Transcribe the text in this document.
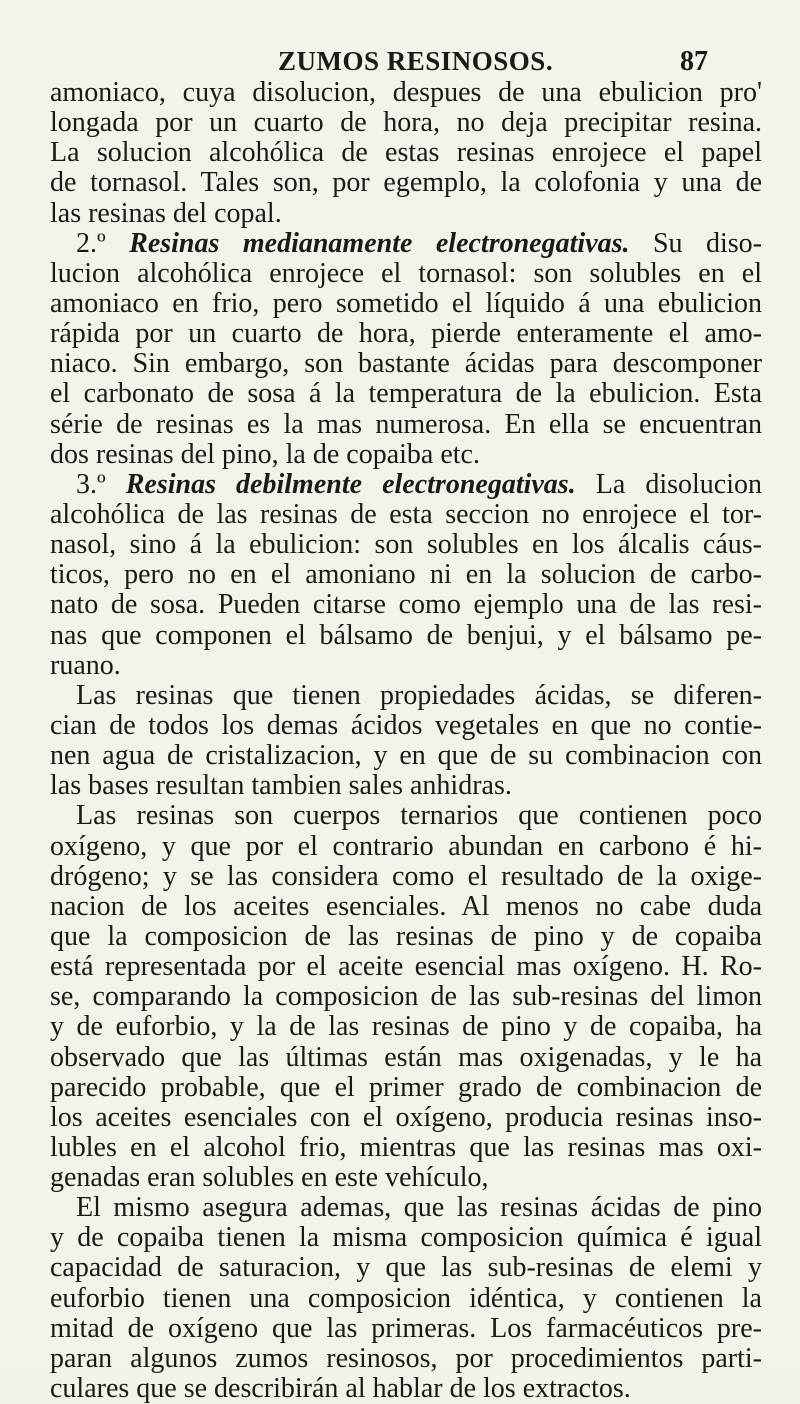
ZUMOS RESINOSOS.	87
amoniaco, cuya disolucion, despues de una ebulicion pro'
longada por un cuarto de hora, no deja precipitar resina.
La solucion alcohólica de estas resinas enrojece el papel
de tornasol. Tales son, por egemplo, la colofonia y una de
las resinas del copal.
2.º Resinas medianamente electronegativas. Su diso-
lucion alcohólica enrojece el tornasol: son solubles en el
amoniaco en frio, pero sometido el líquido á una ebulicion
rápida por un cuarto de hora, pierde enteramente el amo-
niaco. Sin embargo, son bastante ácidas para descomponer
el carbonato de sosa á la temperatura de la ebulicion. Esta
série de resinas es la mas numerosa. En ella se encuentran
dos resinas del pino, la de copaiba etc.
3.º Resinas debilmente electronegativas. La disolucion
alcohólica de las resinas de esta seccion no enrojece el tor-
nasol, sino á la ebulicion: son solubles en los álcalis cáus-
ticos, pero no en el amoniano ni en la solucion de carbo-
nato de sosa. Pueden citarse como ejemplo una de las resi-
nas que componen el bálsamo de benjui, y el bálsamo pe-
ruano.
Las resinas que tienen propiedades ácidas, se diferen-
cian de todos los demas ácidos vegetales en que no contie-
nen agua de cristalizacion, y en que de su combinacion con
las bases resultan tambien sales anhidras.
Las resinas son cuerpos ternarios que contienen poco
oxígeno, y que por el contrario abundan en carbono é hi-
drógeno; y se las considera como el resultado de la oxige-
nacion de los aceites esenciales. Al menos no cabe duda
que la composicion de las resinas de pino y de copaiba
está representada por el aceite esencial mas oxígeno. H. Ro-
se, comparando la composicion de las sub-resinas del limon
y de euforbio, y la de las resinas de pino y de copaiba, ha
observado que las últimas están mas oxigenadas, y le ha
parecido probable, que el primer grado de combinacion de
los aceites esenciales con el oxígeno, producia resinas inso-
lubles en el alcohol frio, mientras que las resinas mas oxi-
genadas eran solubles en este vehículo,
El mismo asegura ademas, que las resinas ácidas de pino
y de copaiba tienen la misma composicion química é igual
capacidad de saturacion, y que las sub-resinas de elemi y
euforbio tienen una composicion idéntica, y contienen la
mitad de oxígeno que las primeras. Los farmacéuticos pre-
paran algunos zumos resinosos, por procedimientos parti-
culares que se describirán al hablar de los extractos.
